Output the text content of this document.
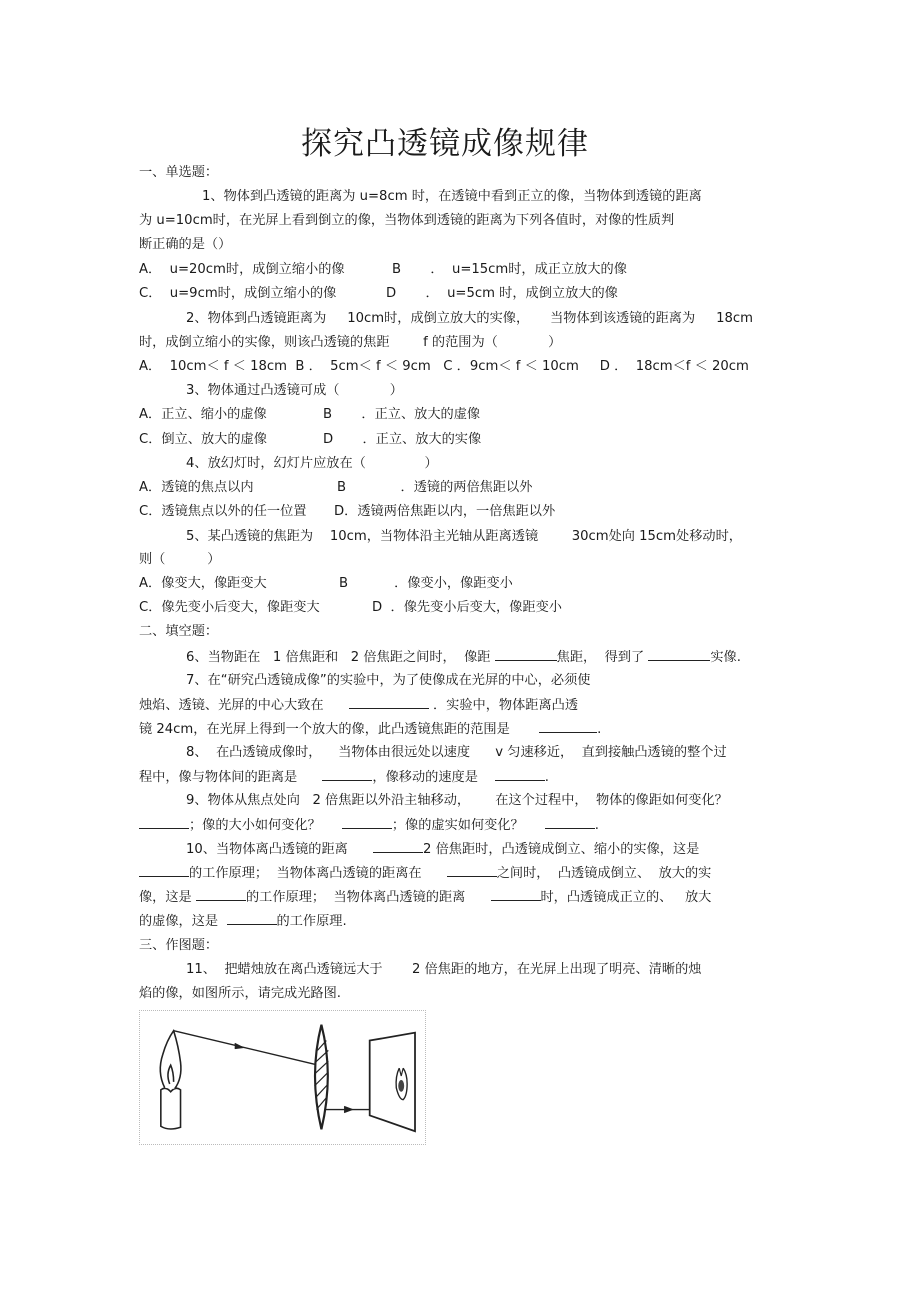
探究凸透镜成像规律
一、单选题：
1、物体到凸透镜的距离为 u=8cm 时，在透镜中看到正立的像，当物体到透镜的距离
为 u=10cm时，在光屏上看到倒立的像，当物体到透镜的距离为下列各值时，对像的性质判
断正确的是（）
A．  u=20cm时，成倒立缩小的像	B       ．  u=15cm时，成正立放大的像
C．  u=9cm时，成倒立缩小的像	D       ．  u=5cm 时，成倒立放大的像
2、物体到凸透镜距离为     10cm时，成倒立放大的实像，     当物体到该透镜的距离为     18cm
时，成倒立缩小的实像，则该凸透镜的焦距        f 的范围为（            ）
A．  10cm＜ f ＜ 18cm  B ．  5cm＜ f ＜ 9cm   C ．9cm＜ f ＜ 10cm     D ．  18cm＜f ＜ 20cm
3、物体通过凸透镜可成（            ）
A．正立、缩小的虚像	B       ．正立、放大的虚像
C．倒立、放大的虚像	D       ．正立、放大的实像
4、放幻灯时，幻灯片应放在（              ）
A．透镜的焦点以内	B             ．透镜的两倍焦距以外
C．透镜焦点以外的任一位置 D．透镜两倍焦距以内，一倍焦距以外
5、某凸透镜的焦距为    10cm，当物体沿主光轴从距离透镜        30cm处向 15cm处移动时，
则（          ）
A．像变大，像距变大	B           ．像变小，像距变小
C．像先变小后变大，像距变大	D  ．像先变小后变大，像距变小
二、填空题：
6、当物距在   1 倍焦距和   2 倍焦距之间时，  像距	焦距，  得到了	实像.
7、在“研究凸透镜成像”的实验中，为了使像成在光屏的中心，必须使
烛焰、透镜、光屏的中心大致在	．实验中，物体距离凸透
镜 24cm，在光屏上得到一个放大的像，此凸透镜焦距的范围是	.
8、  在凸透镜成像时，    当物体由很远处以速度      v 匀速移近，  直到接触凸透镜的整个过
程中，像与物体间的距离是	，像移动的速度是	.
9、物体从焦点处向   2 倍焦距以外沿主轴移动，      在这个过程中，  物体的像距如何变化？
；像的大小如何变化？	；像的虚实如何变化？	.
10、当物体离凸透镜的距离	2 倍焦距时，凸透镜成倒立、缩小的实像，这是
的工作原理；  当物体离凸透镜的距离在	之间时，  凸透镜成倒立、  放大的实
像，这是	的工作原理；  当物体离凸透镜的距离	时，凸透镜成正立的、   放大
的虚像，这是	的工作原理.
三、作图题：
11、  把蜡烛放在离凸透镜远大于       2 倍焦距的地方，在光屏上出现了明亮、清晰的烛
焰的像，如图所示，请完成光路图.
